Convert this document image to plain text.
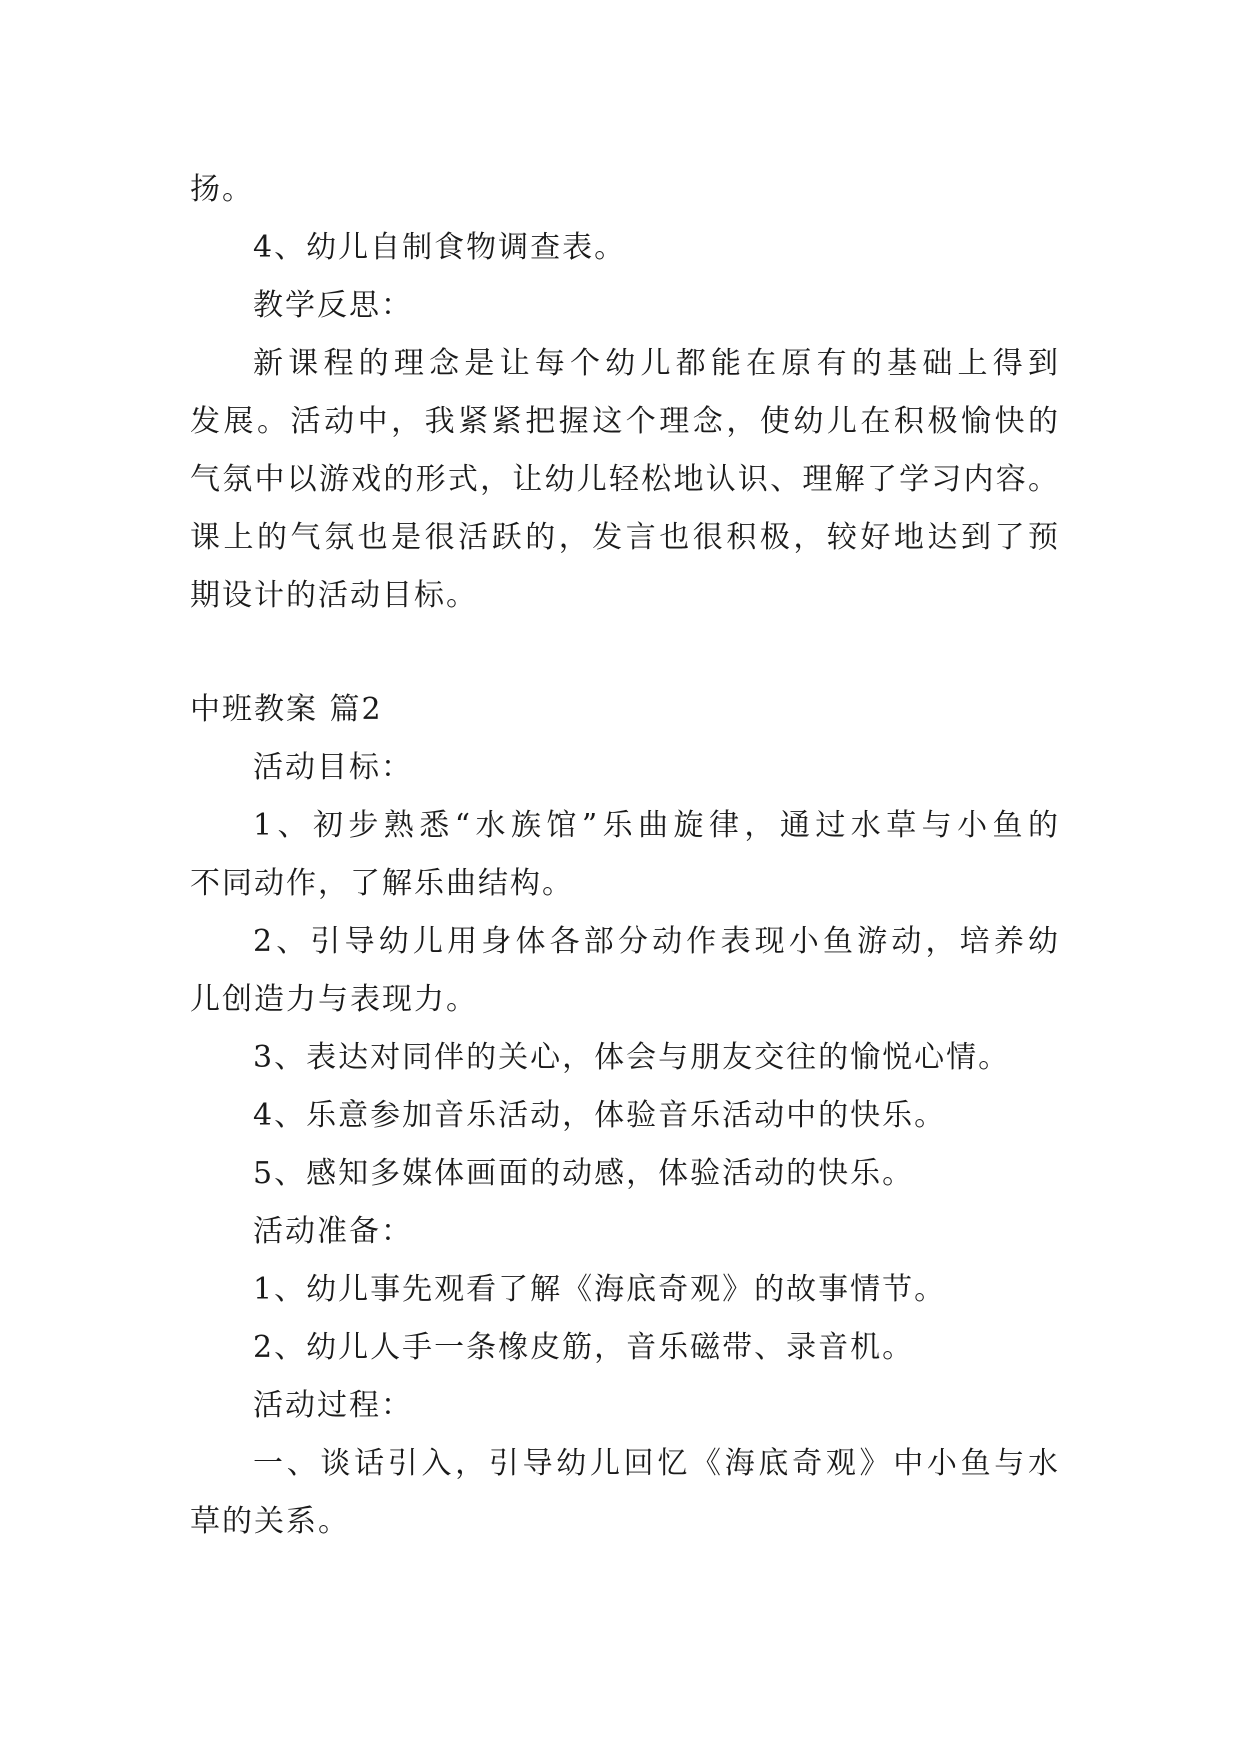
扬。
4、幼儿自制食物调查表。
教学反思：
新课程的理念是让每个幼儿都能在原有的基础上得到
发展。活动中，我紧紧把握这个理念，使幼儿在积极愉快的
气氛中以游戏的形式，让幼儿轻松地认识、理解了学习内容。
课上的气氛也是很活跃的，发言也很积极，较好地达到了预
期设计的活动目标。
中班教案 篇2
活动目标：
1、初步熟悉“水族馆”乐曲旋律，通过水草与小鱼的
不同动作，了解乐曲结构。
2、引导幼儿用身体各部分动作表现小鱼游动，培养幼
儿创造力与表现力。
3、表达对同伴的关心，体会与朋友交往的愉悦心情。
4、乐意参加音乐活动，体验音乐活动中的快乐。
5、感知多媒体画面的动感，体验活动的快乐。
活动准备：
1、幼儿事先观看了解《海底奇观》的故事情节。
2、幼儿人手一条橡皮筋，音乐磁带、录音机。
活动过程：
一、谈话引入，引导幼儿回忆《海底奇观》中小鱼与水
草的关系。
